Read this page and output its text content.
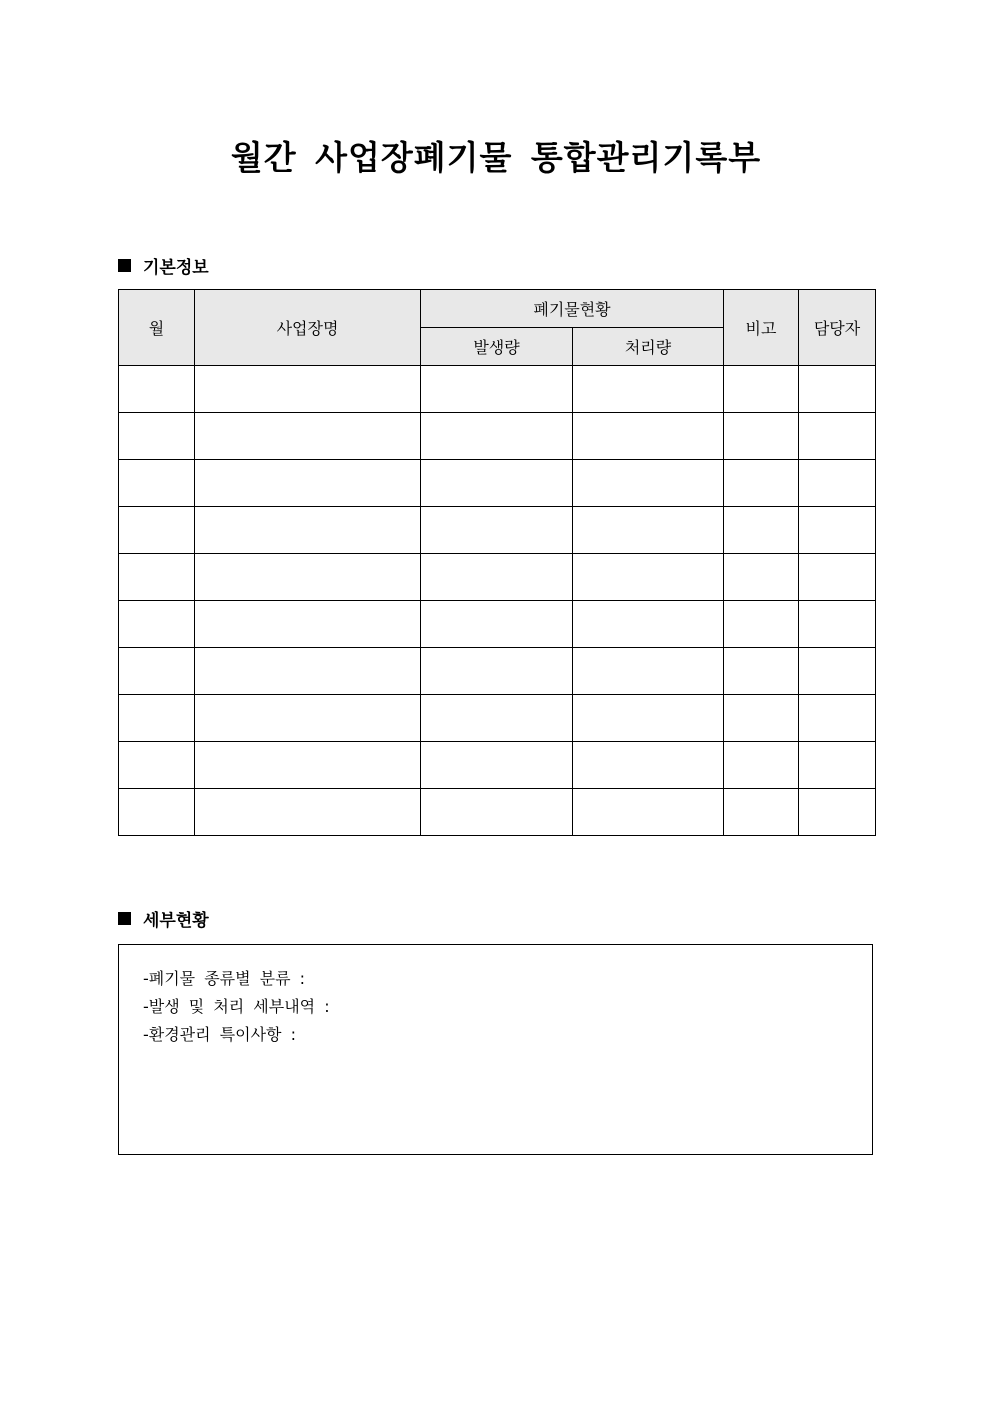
월간 사업장폐기물 통합관리기록부
기본정보
월	사업장명	폐기물현황		비고	담당자
		발생량	처리량		

세부현황
-폐기물 종류별 분류 :
-발생 및 처리 세부내역 :
-환경관리 특이사항 :
